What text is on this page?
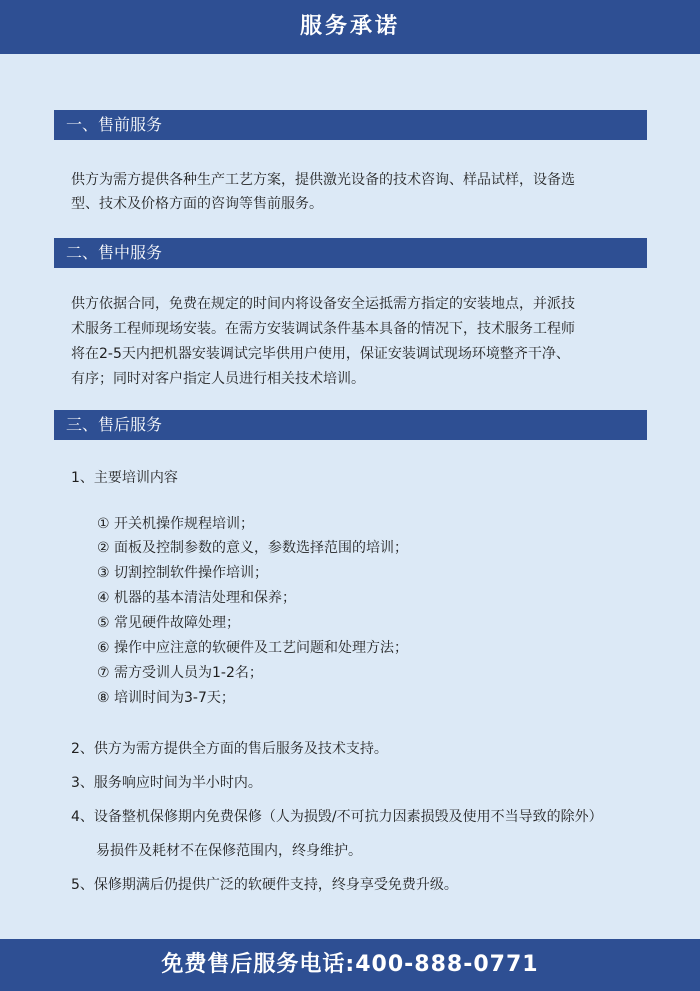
服务承诺
一、售前服务
供方为需方提供各种生产工艺方案，提供激光设备的技术咨询、样品试样，设备选
型、技术及价格方面的咨询等售前服务。
二、售中服务
供方依据合同，免费在规定的时间内将设备安全运抵需方指定的安装地点，并派技
术服务工程师现场安装。在需方安装调试条件基本具备的情况下，技术服务工程师
将在2-5天内把机器安装调试完毕供用户使用，保证安装调试现场环境整齐干净、
有序；同时对客户指定人员进行相关技术培训。
三、售后服务
1、主要培训内容
① 开关机操作规程培训；
② 面板及控制参数的意义，参数选择范围的培训；
③ 切割控制软件操作培训；
④ 机器的基本清洁处理和保养；
⑤ 常见硬件故障处理；
⑥ 操作中应注意的软硬件及工艺问题和处理方法；
⑦ 需方受训人员为1-2名；
⑧ 培训时间为3-7天；
2、供方为需方提供全方面的售后服务及技术支持。
3、服务响应时间为半小时内。
4、设备整机保修期内免费保修（人为损毁/不可抗力因素损毁及使用不当导致的除外）
易损件及耗材不在保修范围内，终身维护。
5、保修期满后仍提供广泛的软硬件支持，终身享受免费升级。
免费售后服务电话:400-888-0771
